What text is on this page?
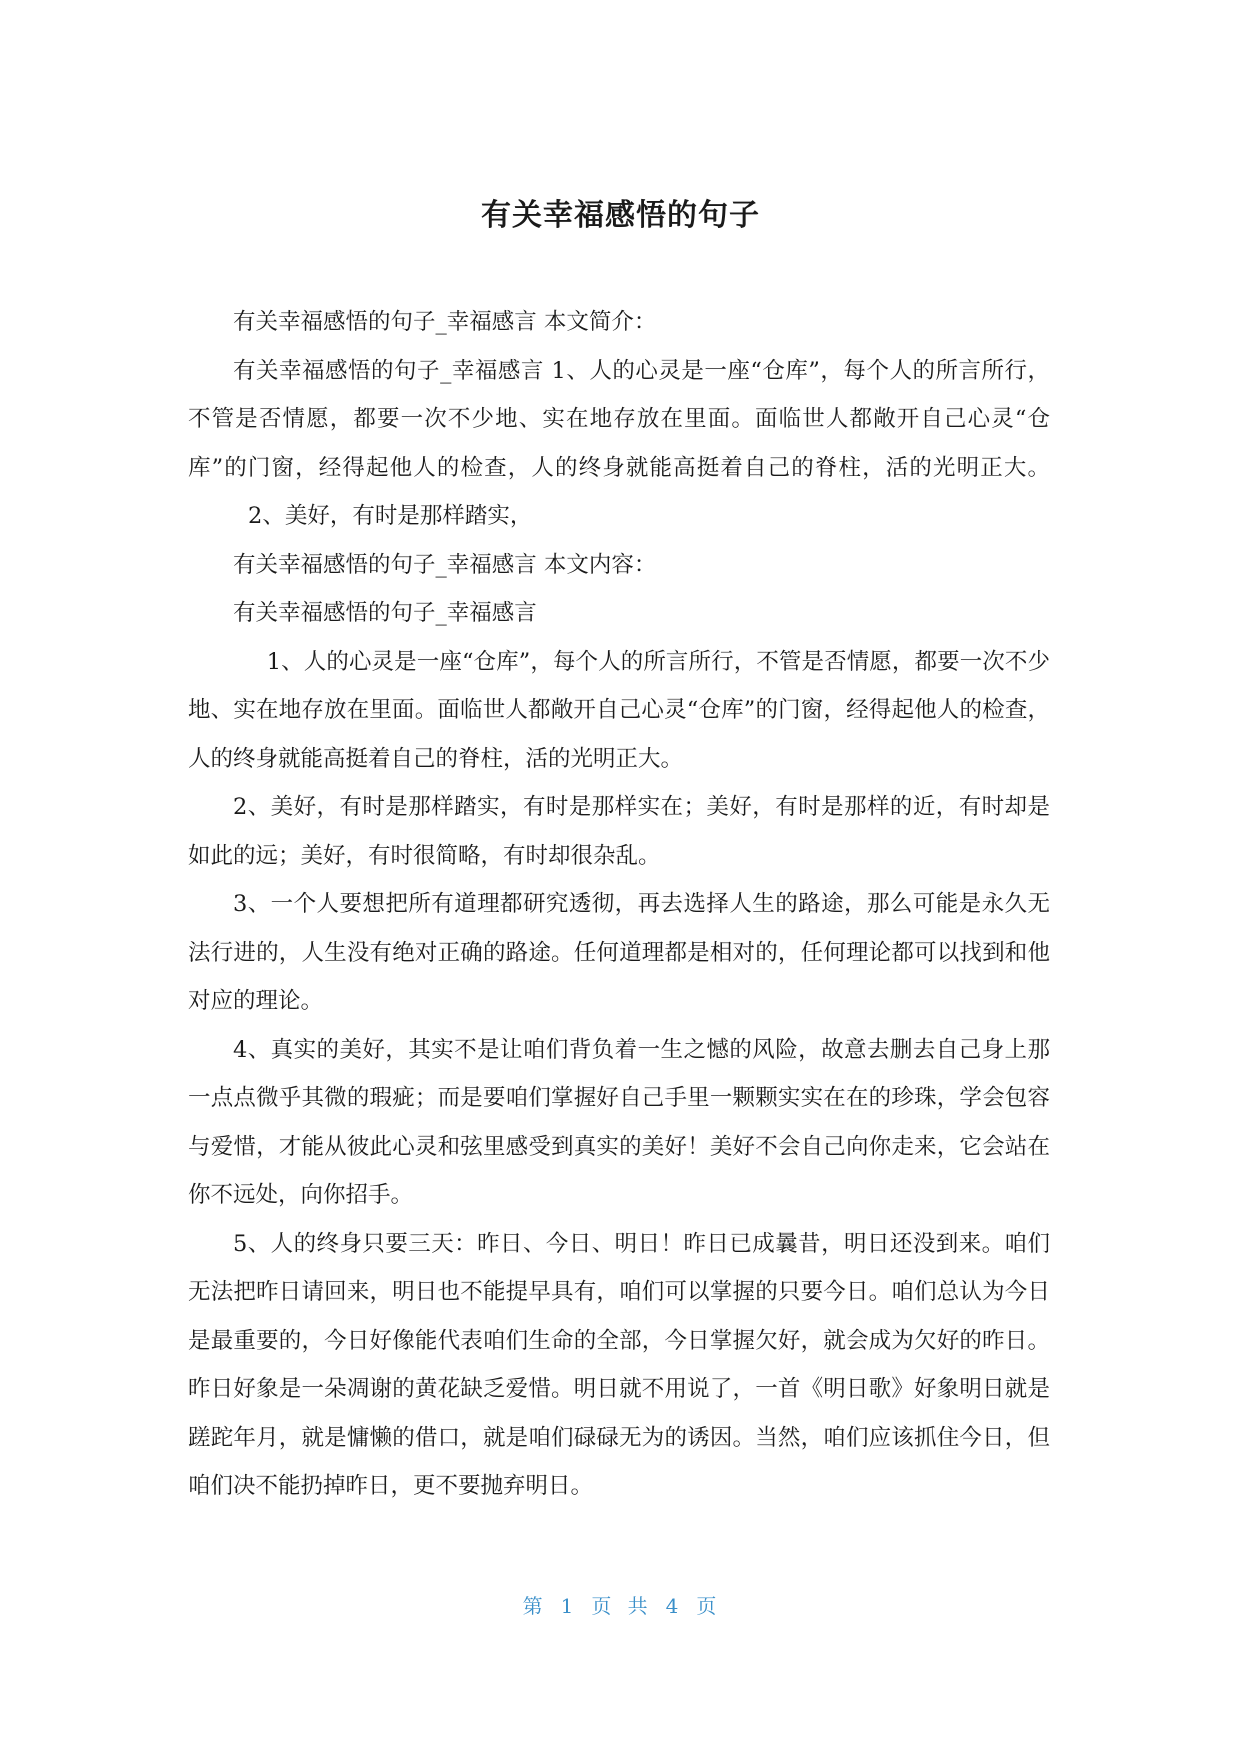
有关幸福感悟的句子

有关幸福感悟的句子_幸福感言 本文简介：

有关幸福感悟的句子_幸福感言 1、人的心灵是一座“仓库”，每个人的所言所行，不管是否情愿，都要一次不少地、实在地存放在里面。面临世人都敞开自己心灵“仓库”的门窗，经得起他人的检查，人的终身就能高挺着自己的脊柱，活的光明正大。2、美好，有时是那样踏实，

有关幸福感悟的句子_幸福感言 本文内容：

有关幸福感悟的句子_幸福感言

1、人的心灵是一座“仓库”，每个人的所言所行，不管是否情愿，都要一次不少地、实在地存放在里面。面临世人都敞开自己心灵“仓库”的门窗，经得起他人的检查，人的终身就能高挺着自己的脊柱，活的光明正大。

2、美好，有时是那样踏实，有时是那样实在；美好，有时是那样的近，有时却是如此的远；美好，有时很简略，有时却很杂乱。

3、一个人要想把所有道理都研究透彻，再去选择人生的路途，那么可能是永久无法行进的，人生没有绝对正确的路途。任何道理都是相对的，任何理论都可以找到和他对应的理论。

4、真实的美好，其实不是让咱们背负着一生之憾的风险，故意去删去自己身上那一点点微乎其微的瑕疵；而是要咱们掌握好自己手里一颗颗实实在在的珍珠，学会包容与爱惜，才能从彼此心灵和弦里感受到真实的美好！美好不会自己向你走来，它会站在你不远处，向你招手。

5、人的终身只要三天：昨日、今日、明日！昨日已成曩昔，明日还没到来。咱们无法把昨日请回来，明日也不能提早具有，咱们可以掌握的只要今日。咱们总认为今日是最重要的，今日好像能代表咱们生命的全部，今日掌握欠好，就会成为欠好的昨日。昨日好象是一朵凋谢的黄花缺乏爱惜。明日就不用说了，一首《明日歌》好象明日就是蹉跎年月，就是慵懒的借口，就是咱们碌碌无为的诱因。当然，咱们应该抓住今日，但咱们决不能扔掉昨日，更不要抛弃明日。

第 1 页 共 4 页
